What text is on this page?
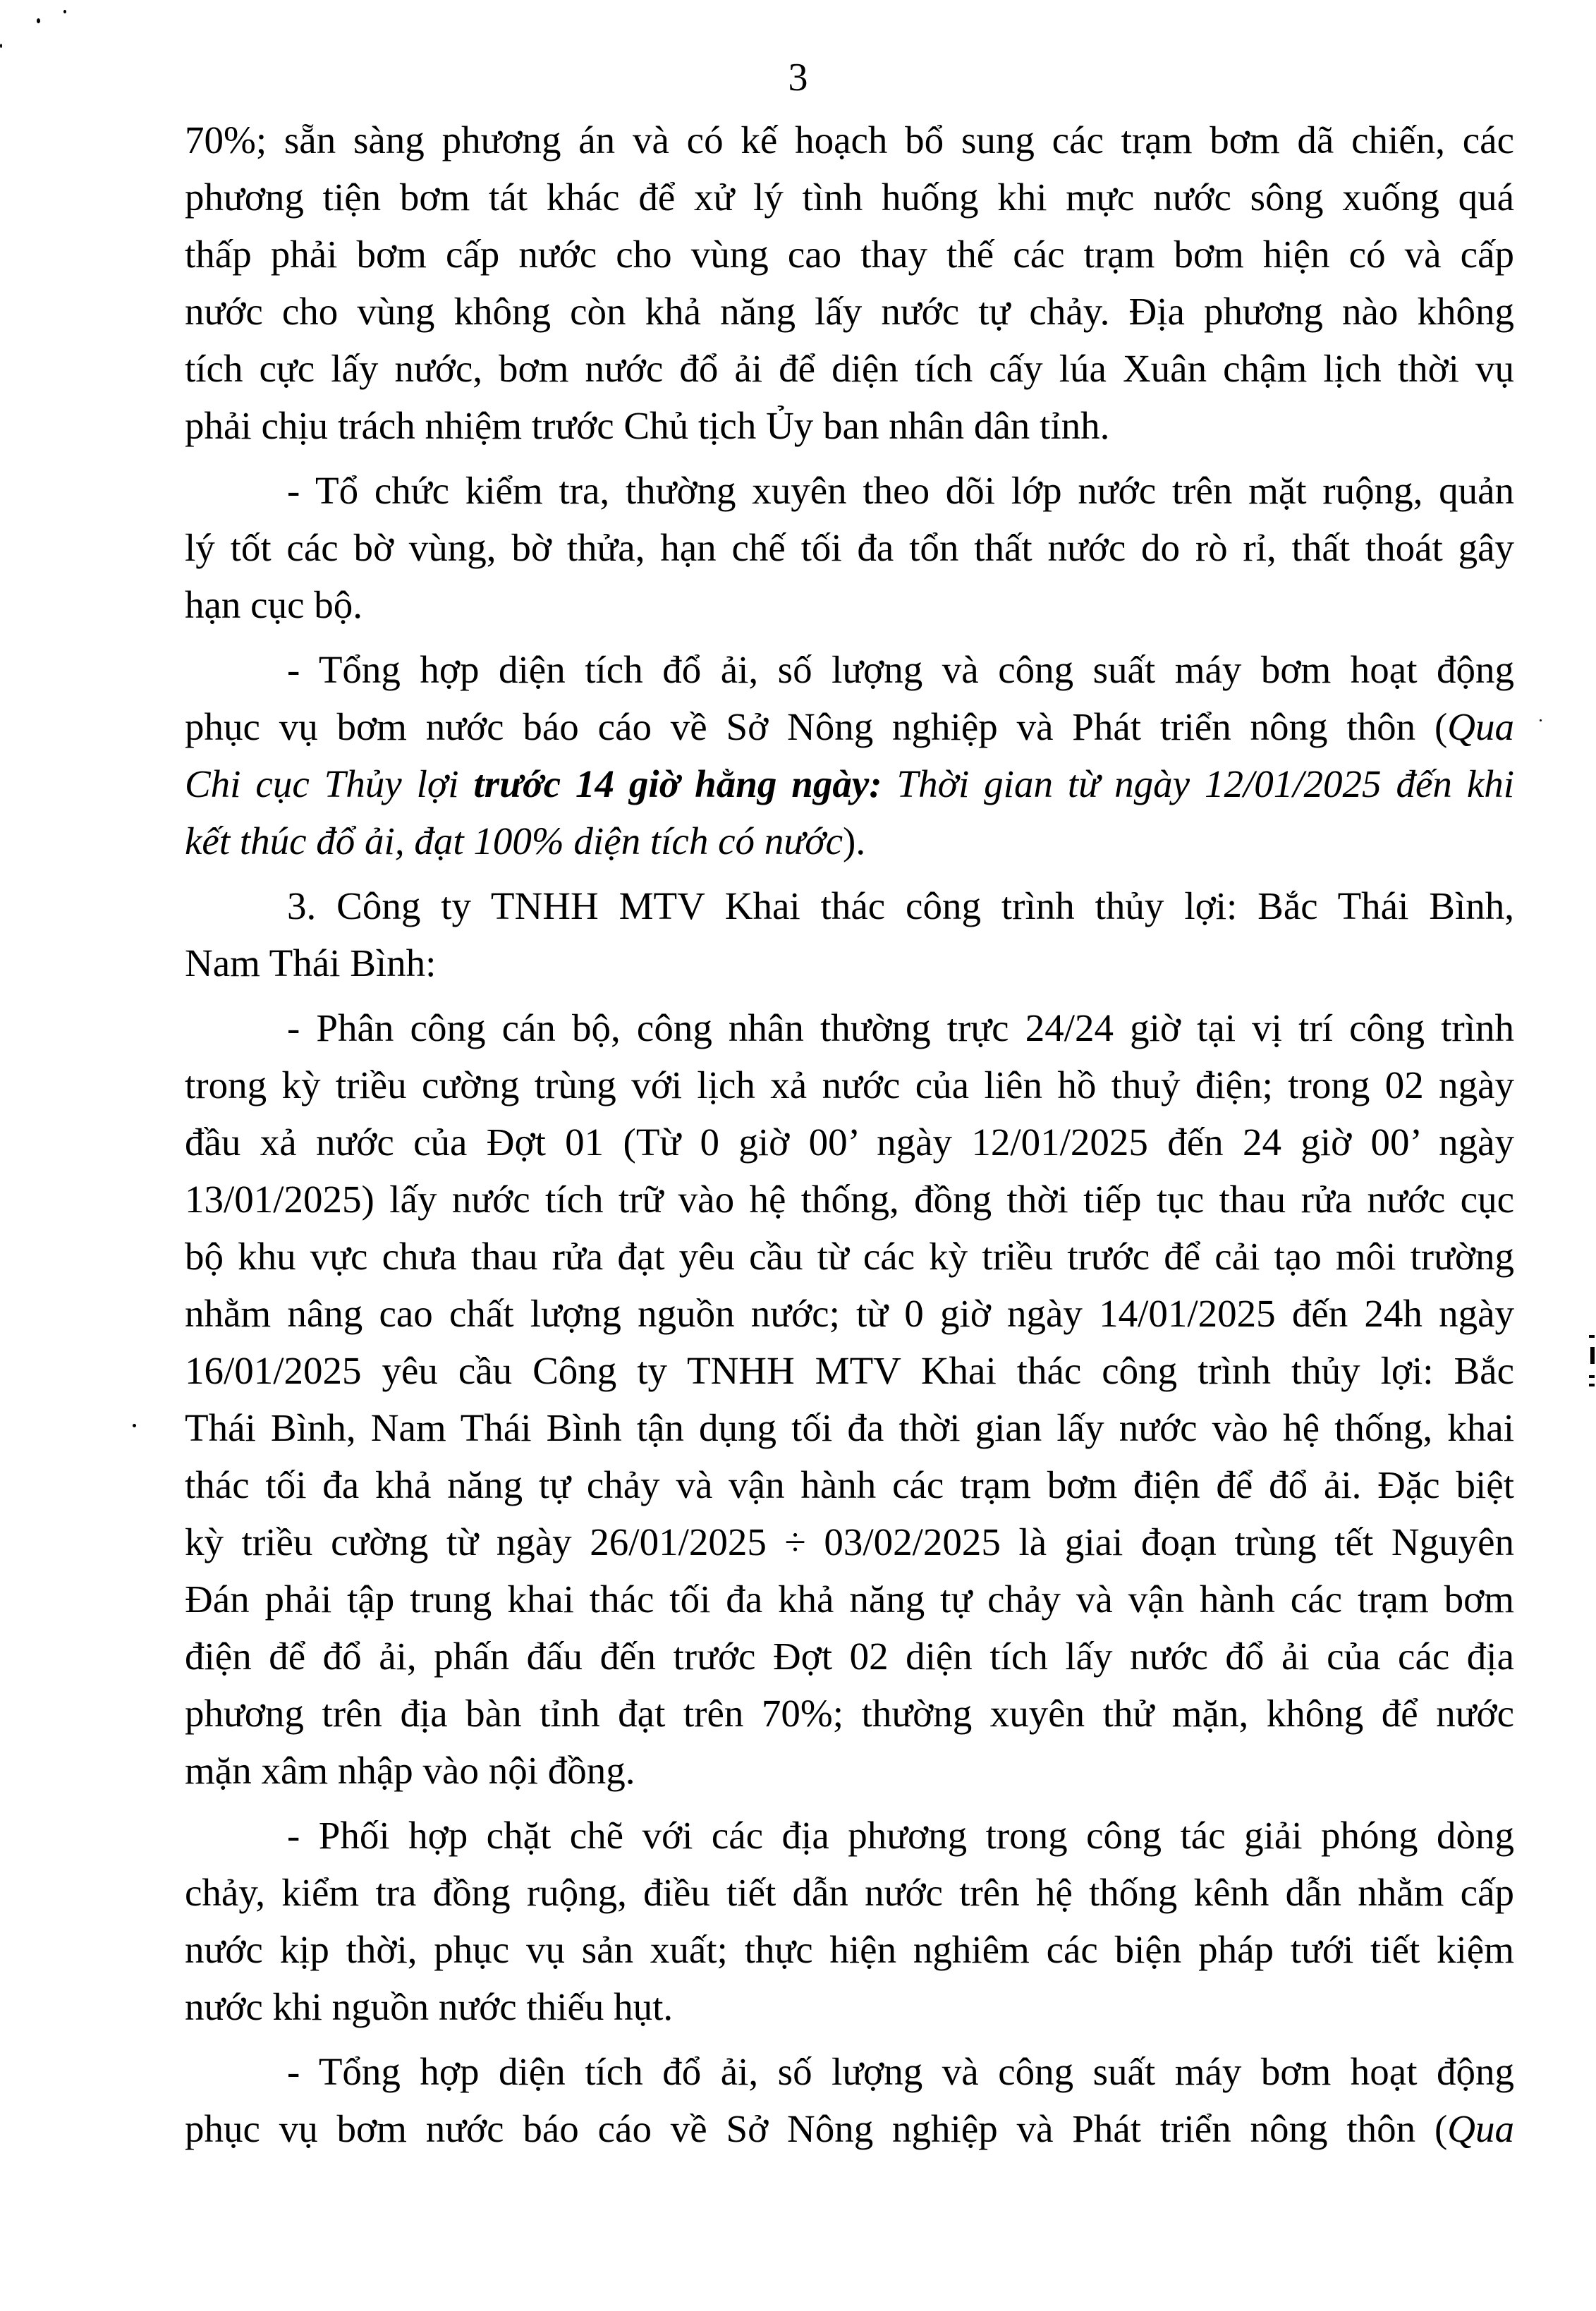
3
70%; sẵn sàng phương án và có kế hoạch bổ sung các trạm bơm dã chiến, các
phương tiện bơm tát khác để xử lý tình huống khi mực nước sông xuống quá
thấp phải bơm cấp nước cho vùng cao thay thế các trạm bơm hiện có và cấp
nước cho vùng không còn khả năng lấy nước tự chảy. Địa phương nào không
tích cực lấy nước, bơm nước đổ ải để diện tích cấy lúa Xuân chậm lịch thời vụ
phải chịu trách nhiệm trước Chủ tịch Ủy ban nhân dân tỉnh.
- Tổ chức kiểm tra, thường xuyên theo dõi lớp nước trên mặt ruộng, quản
lý tốt các bờ vùng, bờ thửa, hạn chế tối đa tổn thất nước do rò rỉ, thất thoát gây
hạn cục bộ.
- Tổng hợp diện tích đổ ải, số lượng và công suất máy bơm hoạt động
phục vụ bơm nước báo cáo về Sở Nông nghiệp và Phát triển nông thôn (Qua
Chi cục Thủy lợi trước 14 giờ hằng ngày: Thời gian từ ngày 12/01/2025 đến khi
kết thúc đổ ải, đạt 100% diện tích có nước).
3. Công ty TNHH MTV Khai thác công trình thủy lợi: Bắc Thái Bình,
Nam Thái Bình:
- Phân công cán bộ, công nhân thường trực 24/24 giờ tại vị trí công trình
trong kỳ triều cường trùng với lịch xả nước của liên hồ thuỷ điện; trong 02 ngày
đầu xả nước của Đợt 01 (Từ 0 giờ 00’ ngày 12/01/2025 đến 24 giờ 00’ ngày
13/01/2025) lấy nước tích trữ vào hệ thống, đồng thời tiếp tục thau rửa nước cục
bộ khu vực chưa thau rửa đạt yêu cầu từ các kỳ triều trước để cải tạo môi trường
nhằm nâng cao chất lượng nguồn nước; từ 0 giờ ngày 14/01/2025 đến 24h ngày
16/01/2025 yêu cầu Công ty TNHH MTV Khai thác công trình thủy lợi: Bắc
Thái Bình, Nam Thái Bình tận dụng tối đa thời gian lấy nước vào hệ thống, khai
thác tối đa khả năng tự chảy và vận hành các trạm bơm điện để đổ ải. Đặc biệt
kỳ triều cường từ ngày 26/01/2025 ÷ 03/02/2025 là giai đoạn trùng tết Nguyên
Đán phải tập trung khai thác tối đa khả năng tự chảy và vận hành các trạm bơm
điện để đổ ải, phấn đấu đến trước Đợt 02 diện tích lấy nước đổ ải của các địa
phương trên địa bàn tỉnh đạt trên 70%; thường xuyên thử mặn, không để nước
mặn xâm nhập vào nội đồng.
- Phối hợp chặt chẽ với các địa phương trong công tác giải phóng dòng
chảy, kiểm tra đồng ruộng, điều tiết dẫn nước trên hệ thống kênh dẫn nhằm cấp
nước kịp thời, phục vụ sản xuất; thực hiện nghiêm các biện pháp tưới tiết kiệm
nước khi nguồn nước thiếu hụt.
- Tổng hợp diện tích đổ ải, số lượng và công suất máy bơm hoạt động
phục vụ bơm nước báo cáo về Sở Nông nghiệp và Phát triển nông thôn (Qua
